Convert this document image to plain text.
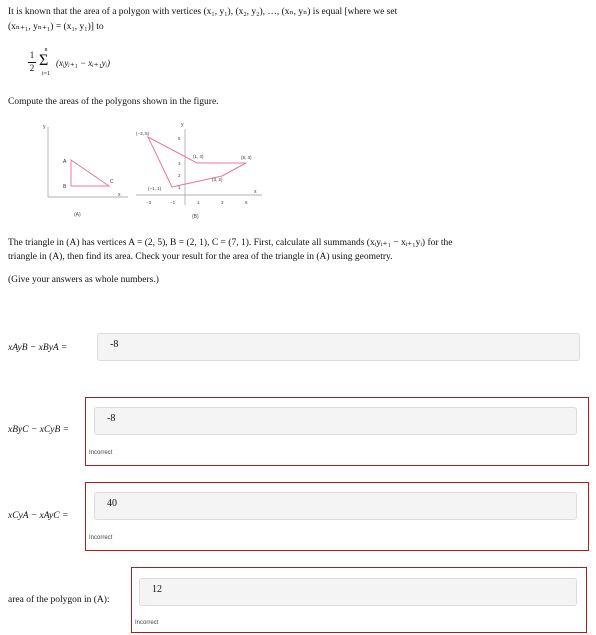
It is known that the area of a polygon with vertices (x₁, y₁), (x₂, y₂), …, (xₙ, yₙ) is equal [where we set
(xₙ₊₁, yₙ₊₁) = (x₁, y₁)] to
1
2
n
Σ
i=1
(xᵢyᵢ₊₁ − xᵢ₊₁yᵢ)
Compute the areas of the polygons shown in the figure.
y
x
A
B
C
(A)
y
x
(−3, 5)
(1, 3)	(5, 3)
(3, 2)
(−1, 1)
5
3
2
1
−3	−1	1	3	5
(B)
The triangle in (A) has vertices A = (2, 5), B = (2, 1), C = (7, 1). First, calculate all summands (xᵢyᵢ₊₁ − xᵢ₊₁yᵢ) for the
triangle in (A), then find its area. Check your result for the area of the triangle in (A) using geometry.
(Give your answers as whole numbers.)
xAyB − xByA =	-8
xByC − xCyB =
-8
Incorrect
xCyA − xAyC =
40
Incorrect
area of the polygon in (A):
12
Incorrect
